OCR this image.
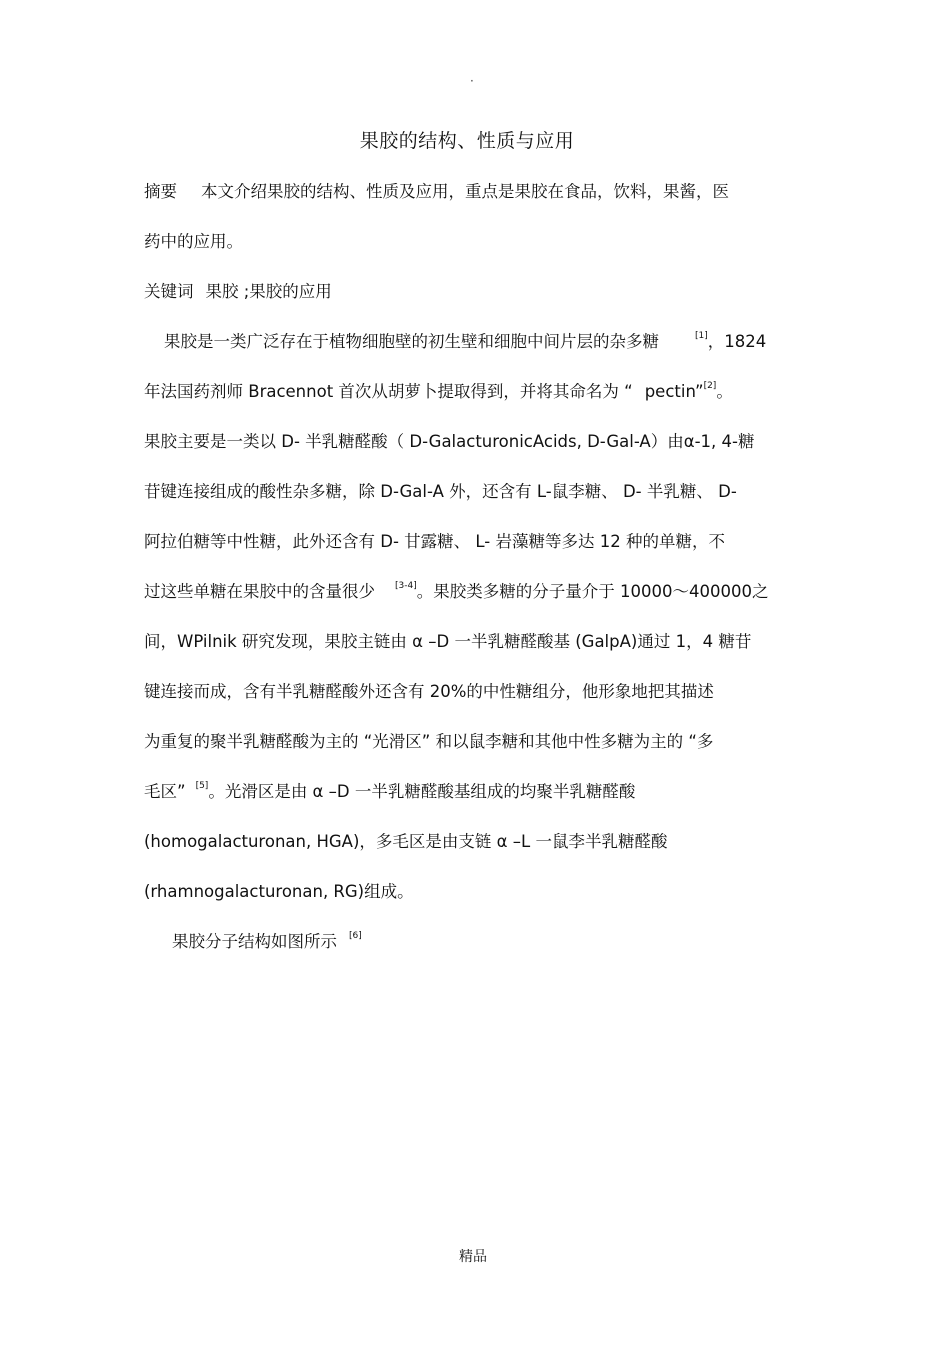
·
果胶的结构、性质与应用
摘要 本文介绍果胶的结构、性质及应用，重点是果胶在食品，饮料，果酱，医
药中的应用。
关键词 果胶 ;果胶的应用
果胶是一类广泛存在于植物细胞壁的初生壁和细胞中间片层的杂多糖	[1]，1824
年法国药剂师 Bracennot 首次从胡萝卜提取得到，并将其命名为 “ pectin”[2]。
果胶主要是一类以 D- 半乳糖醛酸（ D-GalacturonicAcids, D-Gal-A）由α-1, 4-糖
苷键连接组成的酸性杂多糖，除 D-Gal-A 外，还含有 L-鼠李糖、 D- 半乳糖、 D-
阿拉伯糖等中性糖，此外还含有 D- 甘露糖、 L- 岩藻糖等多达 12 种的单糖，不
过这些单糖在果胶中的含量很少 [3-4]。果胶类多糖的分子量介于 10000～400000之
间，WPilnik 研究发现，果胶主链由 α –D 一半乳糖醛酸基 (GalpA)通过 1，4 糖苷
键连接而成，含有半乳糖醛酸外还含有 20%的中性糖组分，他形象地把其描述
为重复的聚半乳糖醛酸为主的 “光滑区” 和以鼠李糖和其他中性多糖为主的 “多
毛区” [5]。光滑区是由 α –D 一半乳糖醛酸基组成的均聚半乳糖醛酸
(homogalacturonan, HGA)，多毛区是由支链 α –L 一鼠李半乳糖醛酸
(rhamnogalacturonan, RG)组成。
果胶分子结构如图所示 [6]
精品
